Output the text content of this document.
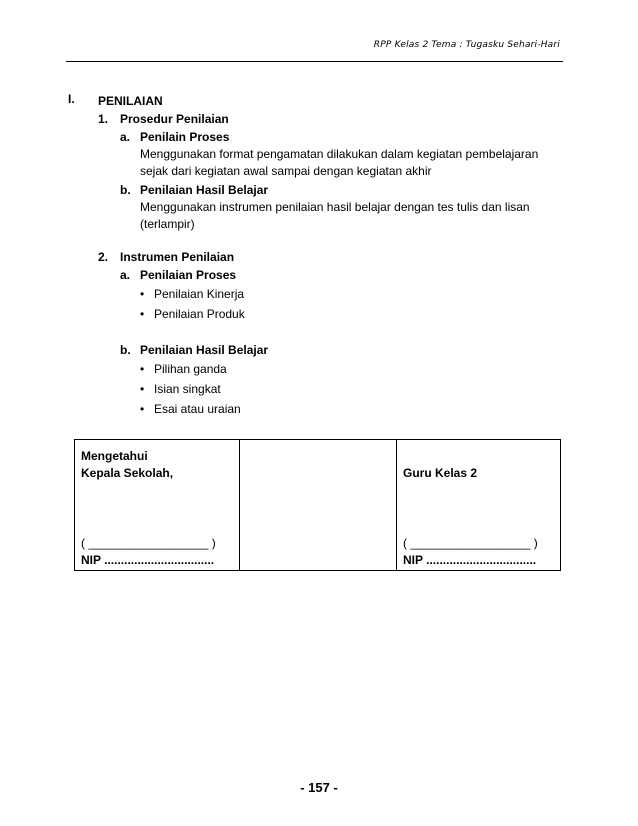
RPP Kelas 2 Tema : Tugasku Sehari-Hari
I. PENILAIAN
1. Prosedur Penilaian
a. Penilain Proses
Menggunakan format pengamatan dilakukan dalam kegiatan pembelajaran
sejak dari kegiatan awal sampai dengan kegiatan akhir
b. Penilaian Hasil Belajar
Menggunakan instrumen penilaian hasil belajar dengan tes tulis dan lisan
(terlampir)
2. Instrumen Penilaian
a. Penilaian Proses
• Penilaian Kinerja
• Penilaian Produk
b. Penilaian Hasil Belajar
• Pilihan ganda
• Isian singkat
• Esai atau uraian
Mengetahui
Kepala Sekolah,
( __________________ )
NIP .................................
Guru Kelas 2
( __________________ )
NIP .................................
- 157 -
